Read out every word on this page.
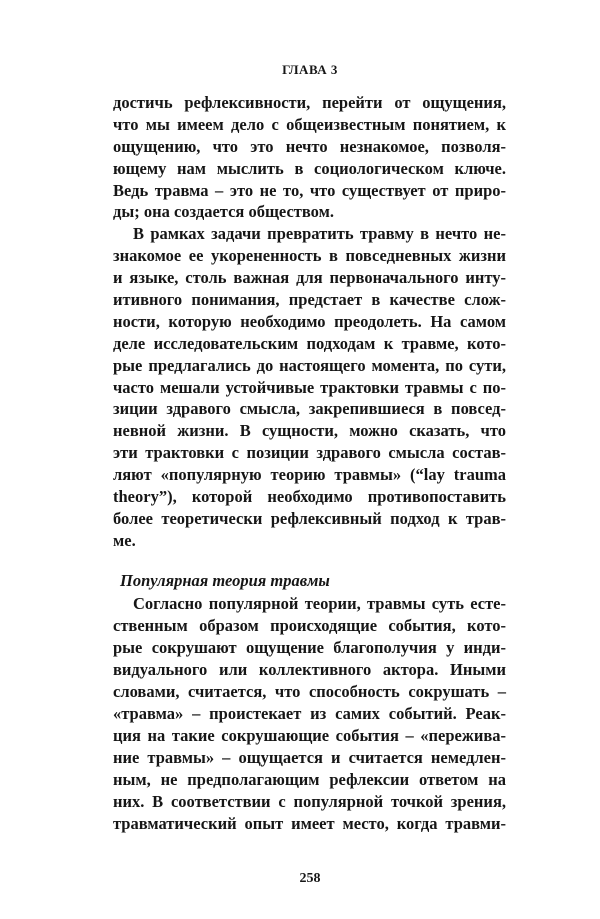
ГЛАВА 3
достичь рефлексивности, перейти от ощущения,
что мы имеем дело с общеизвестным понятием, к
ощущению, что это нечто незнакомое, позволя-
ющему нам мыслить в социологическом ключе.
Ведь травма – это не то, что существует от приро-
ды; она создается обществом.
В рамках задачи превратить травму в нечто не-
знакомое ее укорененность в повседневных жизни
и языке, столь важная для первоначального инту-
итивного понимания, предстает в качестве слож-
ности, которую необходимо преодолеть. На самом
деле исследовательским подходам к травме, кото-
рые предлагались до настоящего момента, по сути,
часто мешали устойчивые трактовки травмы с по-
зиции здравого смысла, закрепившиеся в повсед-
невной жизни. В сущности, можно сказать, что
эти трактовки с позиции здравого смысла состав-
ляют «популярную теорию травмы» (“lay trauma
theory”), которой необходимо противопоставить
более теоретически рефлексивный подход к трав-
ме.
Популярная теория травмы
Согласно популярной теории, травмы суть есте-
ственным образом происходящие события, кото-
рые сокрушают ощущение благополучия у инди-
видуального или коллективного актора. Иными
словами, считается, что способность сокрушать –
«травма» – проистекает из самих событий. Реак-
ция на такие сокрушающие события – «пережива-
ние травмы» – ощущается и считается немедлен-
ным, не предполагающим рефлексии ответом на
них. В соответствии с популярной точкой зрения,
травматический опыт имеет место, когда травми-
258
